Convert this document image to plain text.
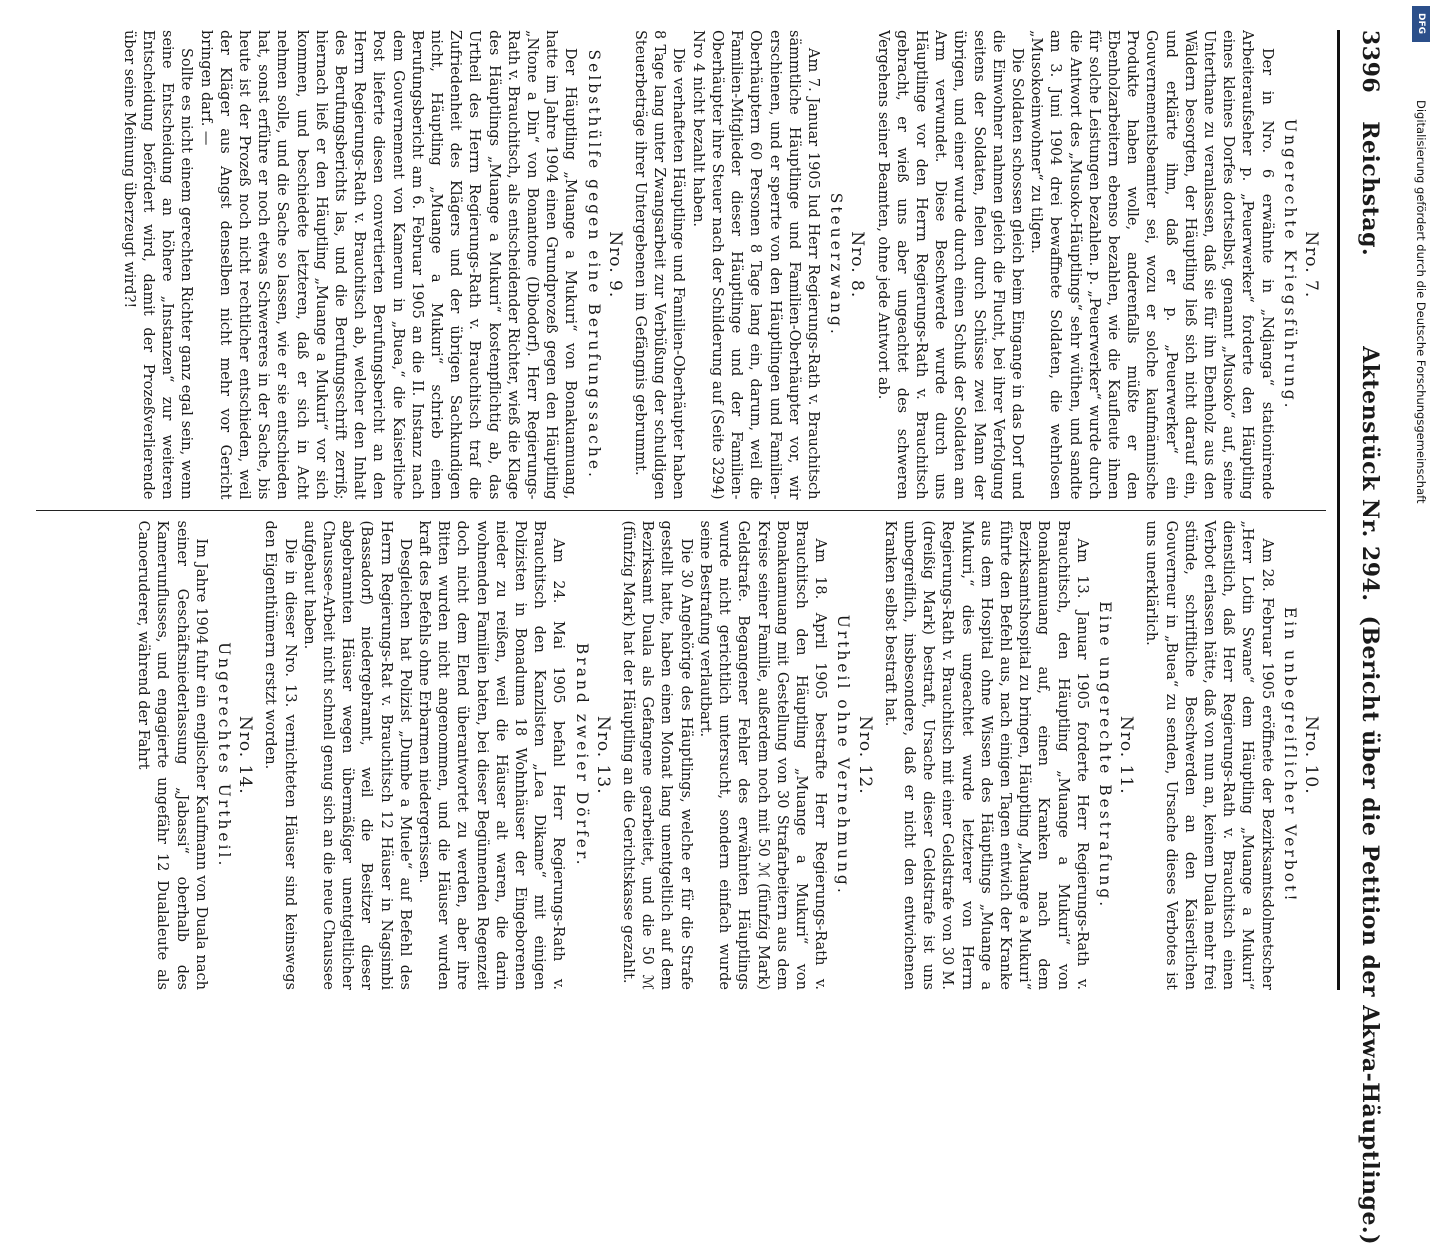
3396
Reichstag.
Aktenstück Nr. 294.
(Bericht über die Petition der Akwa-Häuptlinge.)
Nro. 7.
Ungerechte Kriegsführung.

Der in Nro. 6 erwähnte in „Ndjanga“ stationirende Arbeiteraufseher p. „Peuerwerker“ forderte den Häuptling eines kleines Dorfes dortselbst, genannt „Musoko“ auf, seine Unterthane zu veranlassen, daß sie für ihn Ebenholz aus den Wäldern besorgten, der Häuptling ließ sich nicht darauf ein, und erklärte ihm, daß er p. „Peuerwerker“ ein Gouvernementsbeamter sei, wozu er solche kaufmännische Produkte haben wolle, anderenfalls müßte er den Ebenholzarbeitern ebenso bezahlen, wie die Kaufleute ihnen für solche Leistungen bezahlen. p. „Peuerwerker“ wurde durch die Antwort des „Musoko-Häuptlings“ sehr wüthen, und sandte am 3. Juni 1904 drei bewaffnete Soldaten, die wehrlosen „Musokoeinwohner“ zu tilgen.

Die Soldaten schossen gleich beim Eingange in das Dorf und die Einwohner nahmen gleich die Flucht, bei ihrer Verfolgung seitens der Soldaten, fielen durch Schüsse zwei Mann der übrigen, und einer wurde durch einen Schuß der Soldaten am Arm verwundet. Diese Beschwerde wurde durch uns Häuptlinge vor den Herrn Regierungs-Rath v. Brauchitsch gebracht, er wieß uns aber ungeachtet des schweren Vergehens seiner Beamten, ohne jede Antwort ab.

Nro. 8.
Steuerzwang.

Am 7. Januar 1905 lud Herr Regierungs-Rath v. Brauchitsch sämmtliche Häuptlinge und Familien-Oberhäupter vor, wir erschienen, und er sperrte von den Häuptlingen und Familien-Oberhäuptern 60 Personen 8 Tage lang ein, darum, weil die Familien-Mitglieder dieser Häuptlinge und der Familien-Oberhäupter ihre Steuer nach der Schilderung auf (Seite 3294) Nro 4 nicht bezahlt haben.

Die verhafteten Häuptlinge und Familien-Oberhäupter haben 8 Tage lang unter Zwangsarbeit zur Verbüßung der schuldigen Steuerbeträge ihrer Untergebenen im Gefängnis gebrummt.

Nro. 9.
Selbsthülfe gegen eine Berufungssache.

Der Häuptling „Muange a Mukuri“ von Bonakuamuang, hatte im Jahre 1904 einen Grundprozeß gegen den Häuptling „Ntone a Din“ von Bonantone (Dibodorf). Herr Regierungs-Rath v. Brauchitsch, als entscheidender Richter, wieß die Klage des Häuptlings „Muange a Mukuri“ kostenpflichtig ab, das Urtheil des Herrn Regierungs-Rath v. Brauchitsch traf die Zufriedenheit des Klägers und der übrigen Sachkundigen nicht, Häuptling „Muange a Mukuri“ schrieb einen Berufungsbericht am 6. Februar 1905 an die II. Instanz nach dem Gouvernement von Kamerun in „Buea,“ die Kaiserliche Post lieferte diesen convertierten Berufungsbericht an den Herrn Regierungs-Rath v. Brauchitsch ab, welcher den Inhalt des Berufungsberichts las, und die Berufungsschrift zerriß; hiernach ließ er den Häuptling „Muange a Mukuri“ vor sich kommen, und beschiedete letzteren, daß er sich in Acht nehmen solle, und die Sache so lassen, wie er sie entschieden hat, sonst erführe er noch etwas Schwereres in der Sache, bis heute ist der Prozeß noch nicht rechtlicher entschieden, weil der Kläger aus Angst denselben nicht mehr vor Gericht bringen darf. —

Sollte es nicht einem gerechten Richter ganz egal sein, wenn seine Entscheidung an höhere „Instanzen“ zur weiteren Entscheidung befördert wird, damit der Prozeßverlierende über seine Meinung überzeugt wird?!

Nro. 10.
Ein unbegreiflicher Verbot!

Am 28. Februar 1905 eröffnete der Bezirksamtsdolmetscher „Herr Lotin Swane“ dem Häuptling „Muange a Mukuri“ dienstlich, daß Herr Regierungs-Rath v. Brauchitsch einen Verbot erlassen hätte, daß von nun an, keinem Duala mehr frei stünde, schriftliche Beschwerden an den Kaiserlichen Gouverneur in „Buea“ zu senden, Ursache dieses Verbotes ist uns unerklärlich.

Nro. 11.
Eine ungerechte Bestrafung.

Am 13. Januar 1905 forderte Herr Regierungs-Rath v. Brauchitsch, den Häuptling „Muange a Mukuri“ von Bonakuamuang auf, einen Kranken nach dem Bezirksamtshospital zu bringen, Häuptling „Muange a Mukuri“ führte den Befehl aus, nach einigen Tagen entwich der Kranke aus dem Hospital ohne Wissen des Häuptlings „Muange a Mukuri,“ dies ungeachtet wurde letzterer von Herrn Regierungs-Rath v. Brauchitsch mit einer Geldstrafe von 30 M. (dreißig Mark) bestraft, Ursache dieser Geldstrafe ist uns unbegreiflich, insbesondere, daß er nicht den entwichenen Kranken selbst bestraft hat.

Nro. 12.
Urtheil ohne Vernehmung.

Am 18. April 1905 bestrafte Herr Regierungs-Rath v. Brauchitsch den Häuptling „Muange a Mukuri“ von Bonakuamuang mit Gestellung von 30 Strafarbeitern aus dem Kreise seiner Familie, außerdem noch mit 50 ℳ (fünfzig Mark) Geldstrafe. Begangener Fehler des erwähnten Häuptlings wurde nicht gerichtlich untersucht, sondern einfach wurde seine Bestrafung verlautbart.

Die 30 Angehörige des Häuptlings, welche er für die Strafe gestellt hatte, haben einen Monat lang unentgeltlich auf dem Bezirksamt Duala als Gefangene gearbeitet, und die 50 ℳ (fünfzig Mark) hat der Häuptling an die Gerichtskasse gezahlt.

Nro. 13.
Brand zweier Dörfer.

Am 24. Mai 1905 befahl Herr Regierungs-Rath v. Brauchitsch den Kanzlisten „Lea Dikame“ mit einigen Polizisten in Bonaduma 18 Wohnhäuser der Eingeborenen nieder zu reißen, weil die Häuser alt waren, die darin wohnenden Familien baten, bei dieser Begünnenden Regenzeit doch nicht dem Elend überantwortet zu werden, aber ihre Bitten wurden nicht angenommen, und die Häuser wurden kraft des Befehls ohne Erbarmen niedergerissen.

Desgleichen hat Polizist „Dumbe a Muele“ auf Befehl des Herrn Regierungs-Rat v. Brauchitsch 12 Häuser in Nagsimbi (Bassadorf) niedergebrannt, weil die Besitzer dieser abgebrannten Häuser wegen übermäßiger unentgeltlicher Chaussee-Arbeit nicht schnell genug sich an die neue Chaussee aufgebaut haben.

Die in dieser Nro. 13. vernichteten Häuser sind keinswegs den Eigenthümern erstzt worden.

Nro. 14.
Ungerechtes Urtheil.

Im Jahre 1904 fuhr ein englischer Kaufmann von Duala nach seiner Geschäftsniederlassung „Jabassi“ oberhalb des Kamerunflusses, und engagierte ungefähr 12 Dualaleute als Canoeruderer, während der Fahrt

DFG
Digitalisierung gefördert durch die Deutsche Forschungsgemeinschaft
